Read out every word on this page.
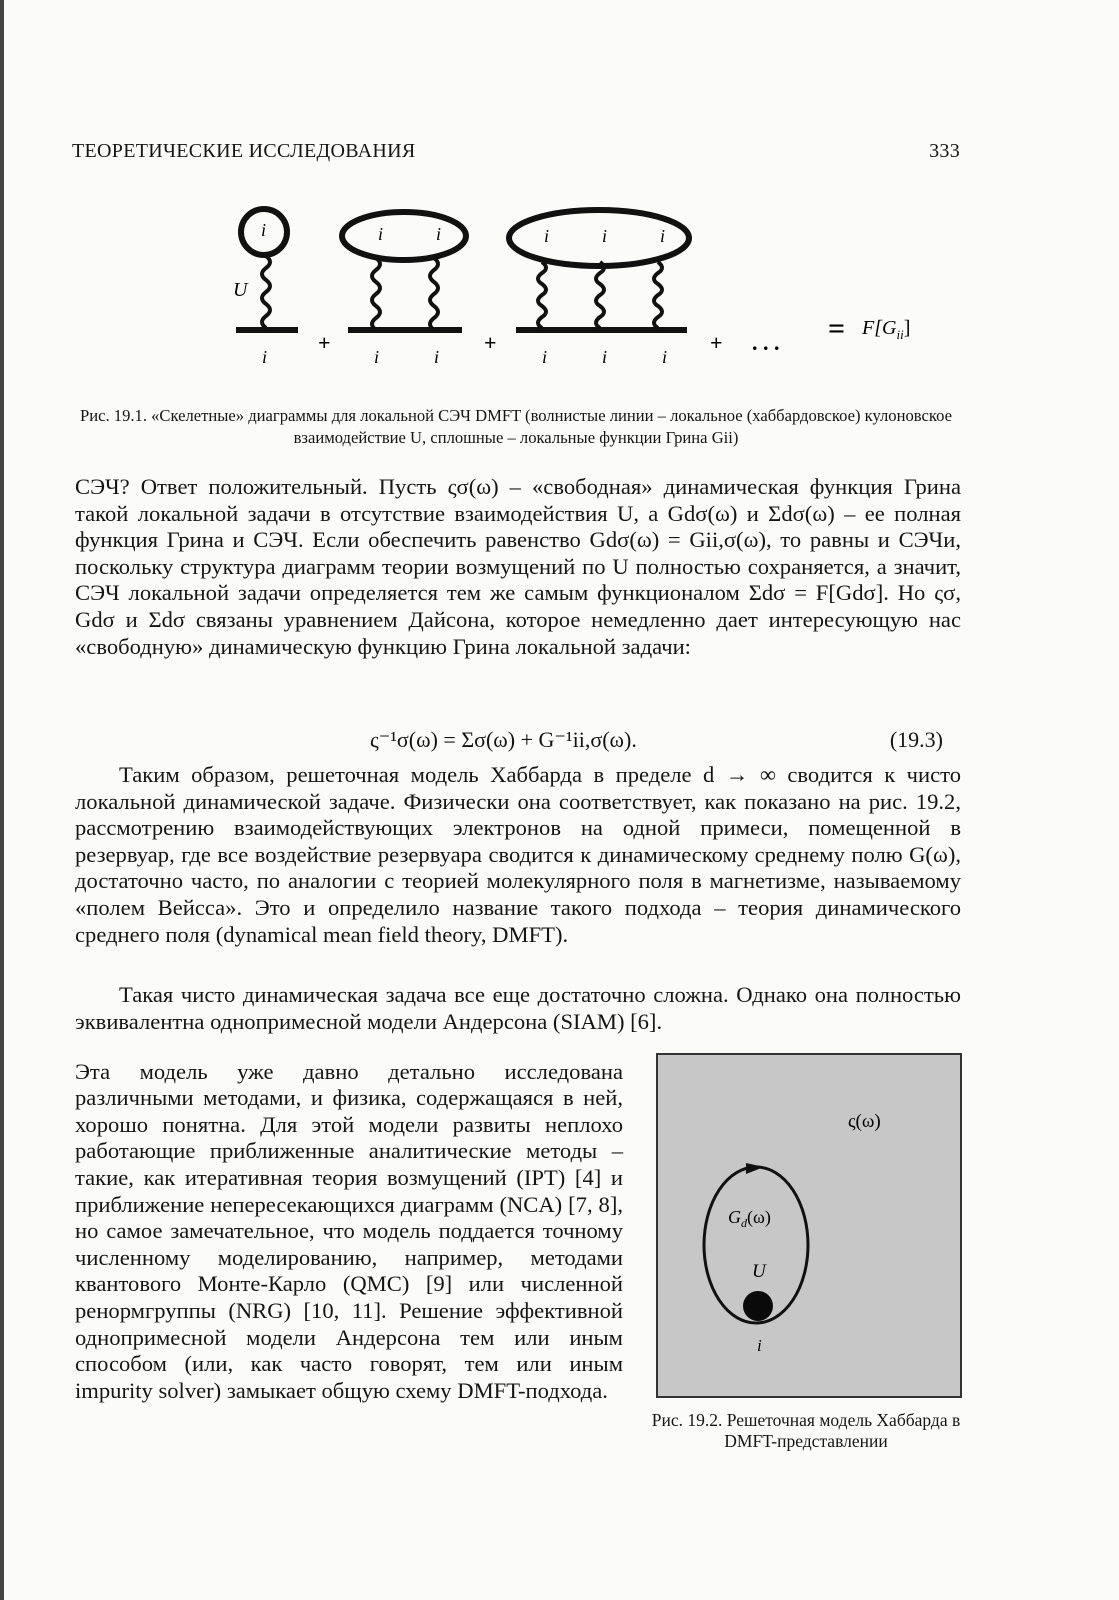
ТЕОРЕТИЧЕСКИЕ ИССЛЕДОВАНИЯ	333
i	i	i	i	i	i
i	i	i	i	i	i
U
+	+	+ . . . = $F[G_{ii}]$
Рис. 19.1. «Скелетные» диаграммы для локальной СЭЧ DMFT (волнистые линии – локальное (хаббардовское) кулоновское взаимодействие U, сплошные – локальные функции Грина Gii)

СЭЧ? Ответ положительный. Пусть ςσ(ω) – «свободная» динамическая функция Грина такой локальной задачи в отсутствие взаимодействия U, а Gdσ(ω) и Σdσ(ω) – ее полная функция Грина и СЭЧ. Если обеспечить равенство Gdσ(ω) = Gii,σ(ω), то равны и СЭЧи, поскольку структура диаграмм теории возмущений по U полностью сохраняется, а значит, СЭЧ локальной задачи определяется тем же самым функционалом Σdσ = F[Gdσ]. Но ςσ, Gdσ и Σdσ связаны уравнением Дайсона, которое немедленно дает интересующую нас «свободную» динамическую функцию Грина локальной задачи:

ς⁻¹σ(ω) = Σσ(ω) + G⁻¹ii,σ(ω).	(19.3)

Таким образом, решеточная модель Хаббарда в пределе d → ∞ сводится к чисто локальной динамической задаче. Физически она соответствует, как показано на рис. 19.2, рассмотрению взаимодействующих электронов на одной примеси, помещенной в резервуар, где все воздействие резервуара сводится к динамическому среднему полю G(ω), достаточно часто, по аналогии с теорией молекулярного поля в магнетизме, называемому «полем Вейсса». Это и определило название такого подхода – теория динамического среднего поля (dynamical mean field theory, DMFT).

Такая чисто динамическая задача все еще достаточно сложна. Однако она полностью эквивалентна однопримесной модели Андерсона (SIAM) [6].

Эта модель уже давно детально исследована различными методами, и физика, содержащаяся в ней, хорошо понятна. Для этой модели развиты неплохо работающие приближенные аналитические методы – такие, как итеративная теория возмущений (IPT) [4] и приближение непересекающихся диаграмм (NCA) [7, 8], но самое замечательное, что модель поддается точному численному моделированию, например, методами квантового Монте-Карло (QMC) [9] или численной ренормгруппы (NRG) [10, 11]. Решение эффективной однопримесной модели Андерсона тем или иным способом (или, как часто говорят, тем или иным impurity solver) замыкает общую схему DMFT-подхода.

ς(ω)
$G_d(\omega)$
U
i
Рис. 19.2. Решеточная модель Хаббарда в DMFT-представлении
